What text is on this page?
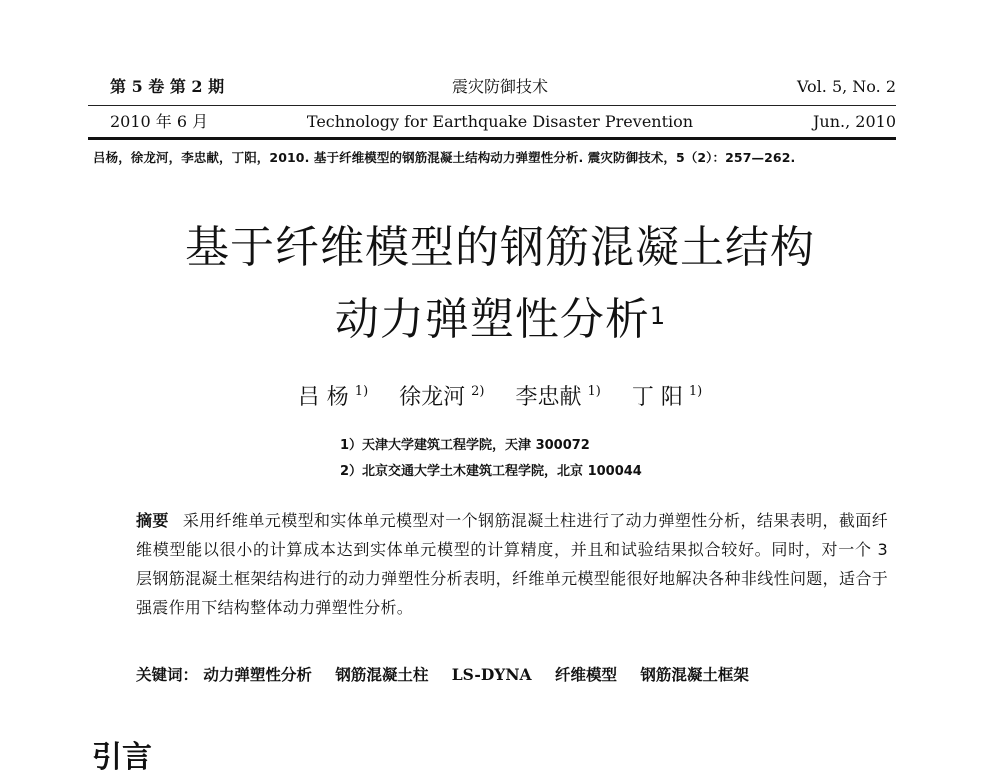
第 5 卷 第 2 期	震灾防御技术	Vol. 5, No. 2
2010 年 6 月	Technology for Earthquake Disaster Prevention	Jun., 2010
吕杨，徐龙河，李忠献，丁阳，2010. 基于纤维模型的钢筋混凝土结构动力弹塑性分析. 震灾防御技术，5（2）：257—262.
基于纤维模型的钢筋混凝土结构
动力弹塑性分析$^1$
吕 杨 $^{1)}$ 徐龙河 $^{2)}$ 李忠献 $^{1)}$ 丁 阳 $^{1)}$
1）天津大学建筑工程学院，天津 300072
2）北京交通大学土木建筑工程学院，北京 100044
摘要 采用纤维单元模型和实体单元模型对一个钢筋混凝土柱进行了动力弹塑性分析，结果表明，截面纤维模型能以很小的计算成本达到实体单元模型的计算精度，并且和试验结果拟合较好。同时，对一个 3 层钢筋混凝土框架结构进行的动力弹塑性分析表明，纤维单元模型能很好地解决各种非线性问题，适合于强震作用下结构整体动力弹塑性分析。
关键词： 动力弹塑性分析 钢筋混凝土柱 LS-DYNA 纤维模型 钢筋混凝土框架
引言
